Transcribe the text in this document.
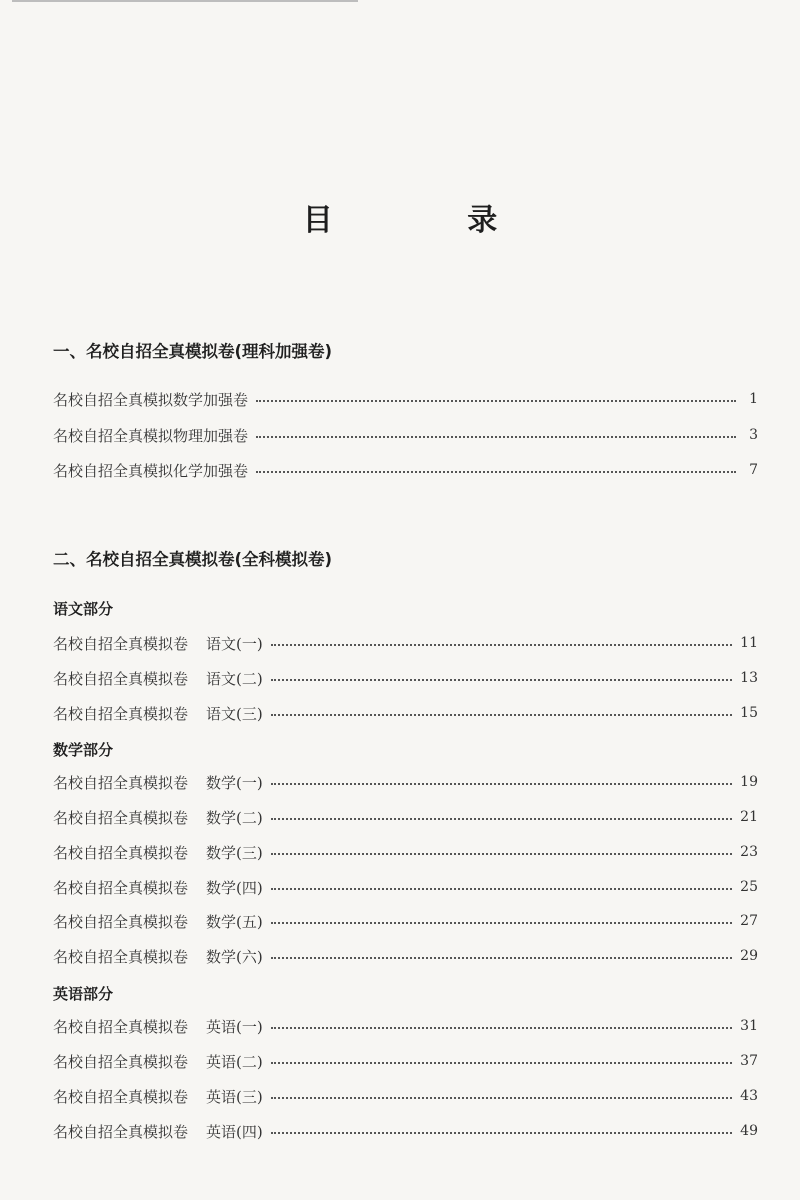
目 录
一、名校自招全真模拟卷(理科加强卷)
名校自招全真模拟数学加强卷	1
名校自招全真模拟物理加强卷	3
名校自招全真模拟化学加强卷	7
二、名校自招全真模拟卷(全科模拟卷)
语文部分
名校自招全真模拟卷 语文(一)	11
名校自招全真模拟卷 语文(二)	13
名校自招全真模拟卷 语文(三)	15
数学部分
名校自招全真模拟卷 数学(一)	19
名校自招全真模拟卷 数学(二)	21
名校自招全真模拟卷 数学(三)	23
名校自招全真模拟卷 数学(四)	25
名校自招全真模拟卷 数学(五)	27
名校自招全真模拟卷 数学(六)	29
英语部分
名校自招全真模拟卷 英语(一)	31
名校自招全真模拟卷 英语(二)	37
名校自招全真模拟卷 英语(三)	43
名校自招全真模拟卷 英语(四)	49
